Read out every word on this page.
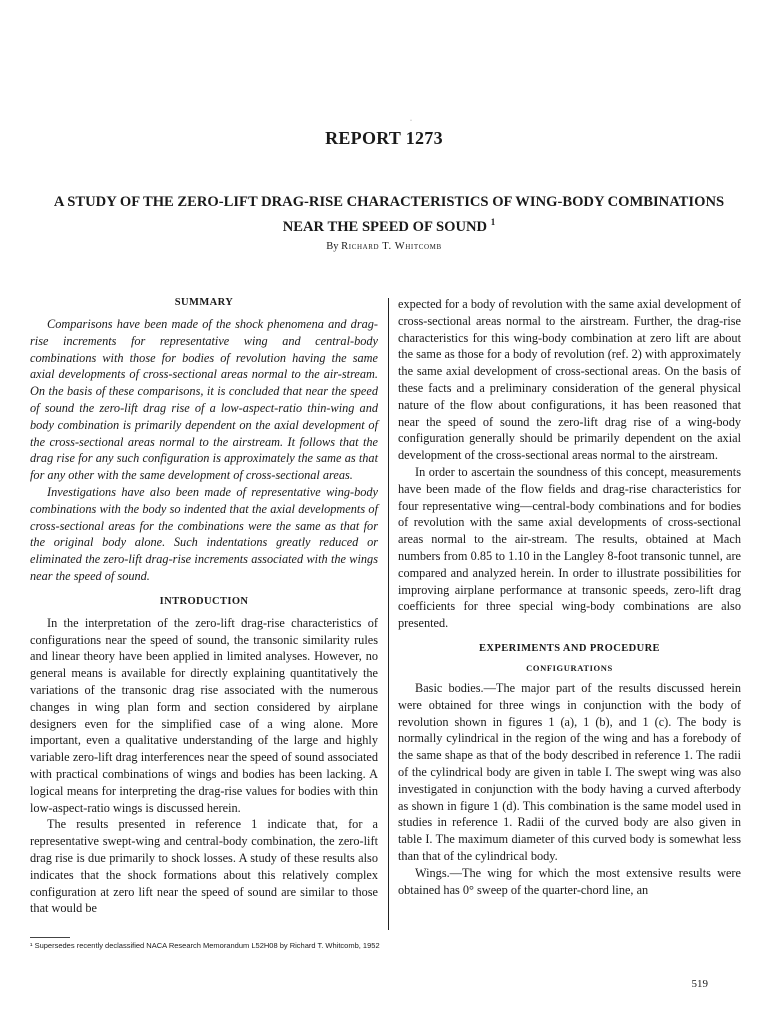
·
REPORT 1273
A STUDY OF THE ZERO-LIFT DRAG-RISE CHARACTERISTICS OF WING-BODY COMBINATIONS
NEAR THE SPEED OF SOUND $^1$
By Richard T. Whitcomb
SUMMARY

Comparisons have been made of the shock phenomena and drag-rise increments for representative wing and central-body combinations with those for bodies of revolution having the same axial developments of cross-sectional areas normal to the air-stream. On the basis of these comparisons, it is concluded that near the speed of sound the zero-lift drag rise of a low-aspect-ratio thin-wing and body combination is primarily dependent on the axial development of the cross-sectional areas normal to the airstream. It follows that the drag rise for any such configuration is approximately the same as that for any other with the same development of cross-sectional areas.

Investigations have also been made of representative wing-body combinations with the body so indented that the axial developments of cross-sectional areas for the combinations were the same as that for the original body alone. Such indentations greatly reduced or eliminated the zero-lift drag-rise increments associated with the wings near the speed of sound.

INTRODUCTION

In the interpretation of the zero-lift drag-rise characteristics of configurations near the speed of sound, the transonic similarity rules and linear theory have been applied in limited analyses. However, no general means is available for directly explaining quantitatively the variations of the transonic drag rise associated with the numerous changes in wing plan form and section considered by airplane designers even for the simplified case of a wing alone. More important, even a qualitative understanding of the large and highly variable zero-lift drag interferences near the speed of sound associated with practical combinations of wings and bodies has been lacking. A logical means for interpreting the drag-rise values for bodies with thin low-aspect-ratio wings is discussed herein.

The results presented in reference 1 indicate that, for a representative swept-wing and central-body combination, the zero-lift drag rise is due primarily to shock losses. A study of these results also indicates that the shock formations about this relatively complex configuration at zero lift near the speed of sound are similar to those that would be

expected for a body of revolution with the same axial development of cross-sectional areas normal to the airstream. Further, the drag-rise characteristics for this wing-body combination at zero lift are about the same as those for a body of revolution (ref. 2) with approximately the same axial development of cross-sectional areas. On the basis of these facts and a preliminary consideration of the general physical nature of the flow about configurations, it has been reasoned that near the speed of sound the zero-lift drag rise of a wing-body configuration generally should be primarily dependent on the axial development of the cross-sectional areas normal to the airstream.

In order to ascertain the soundness of this concept, measurements have been made of the flow fields and drag-rise characteristics for four representative wing—central-body combinations and for bodies of revolution with the same axial developments of cross-sectional areas normal to the air-stream. The results, obtained at Mach numbers from 0.85 to 1.10 in the Langley 8-foot transonic tunnel, are compared and analyzed herein. In order to illustrate possibilities for improving airplane performance at transonic speeds, zero-lift drag coefficients for three special wing-body combinations are also presented.

EXPERIMENTS AND PROCEDURE
CONFIGURATIONS

Basic bodies.—The major part of the results discussed herein were obtained for three wings in conjunction with the body of revolution shown in figures 1 (a), 1 (b), and 1 (c). The body is normally cylindrical in the region of the wing and has a forebody of the same shape as that of the body described in reference 1. The radii of the cylindrical body are given in table I. The swept wing was also investigated in conjunction with the body having a curved afterbody as shown in figure 1 (d). This combination is the same model used in studies in reference 1. Radii of the curved body are also given in table I. The maximum diameter of this curved body is somewhat less than that of the cylindrical body.

Wings.—The wing for which the most extensive results were obtained has 0° sweep of the quarter-chord line, an

¹ Supersedes recently declassified NACA Research Memorandum L52H08 by Richard T. Whitcomb, 1952
519
